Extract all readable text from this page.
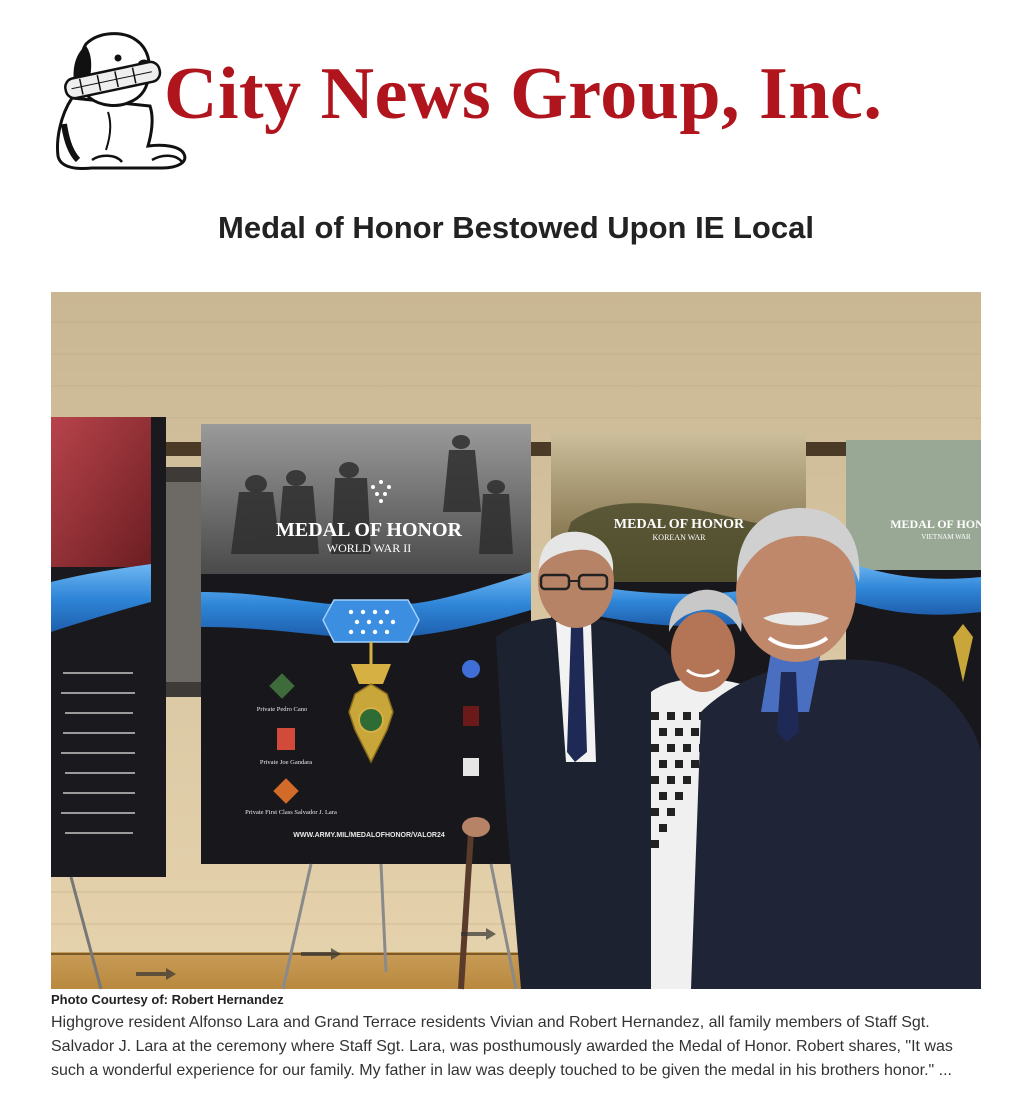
City News Group, Inc.
Medal of Honor Bestowed Upon IE Local
MEDAL OF HONOR
WORLD WAR II
Private Pedro Cano
Private Joe Gandara
Private First Class Salvador J. Lara
WWW.ARMY.MIL/MEDALOFHONOR/VALOR24
MEDAL OF HONOR
KOREAN WAR
MEDAL OF HONOR
VIETNAM WAR
Photo Courtesy of: Robert Hernandez

Highgrove resident Alfonso Lara and Grand Terrace residents Vivian and Robert Hernandez, all family members of Staff Sgt. Salvador J. Lara at the ceremony where Staff Sgt. Lara, was posthumously awarded the Medal of Honor. Robert shares, "It was such a wonderful experience for our family. My father in law was deeply touched to be given the medal in his brothers honor." ...
